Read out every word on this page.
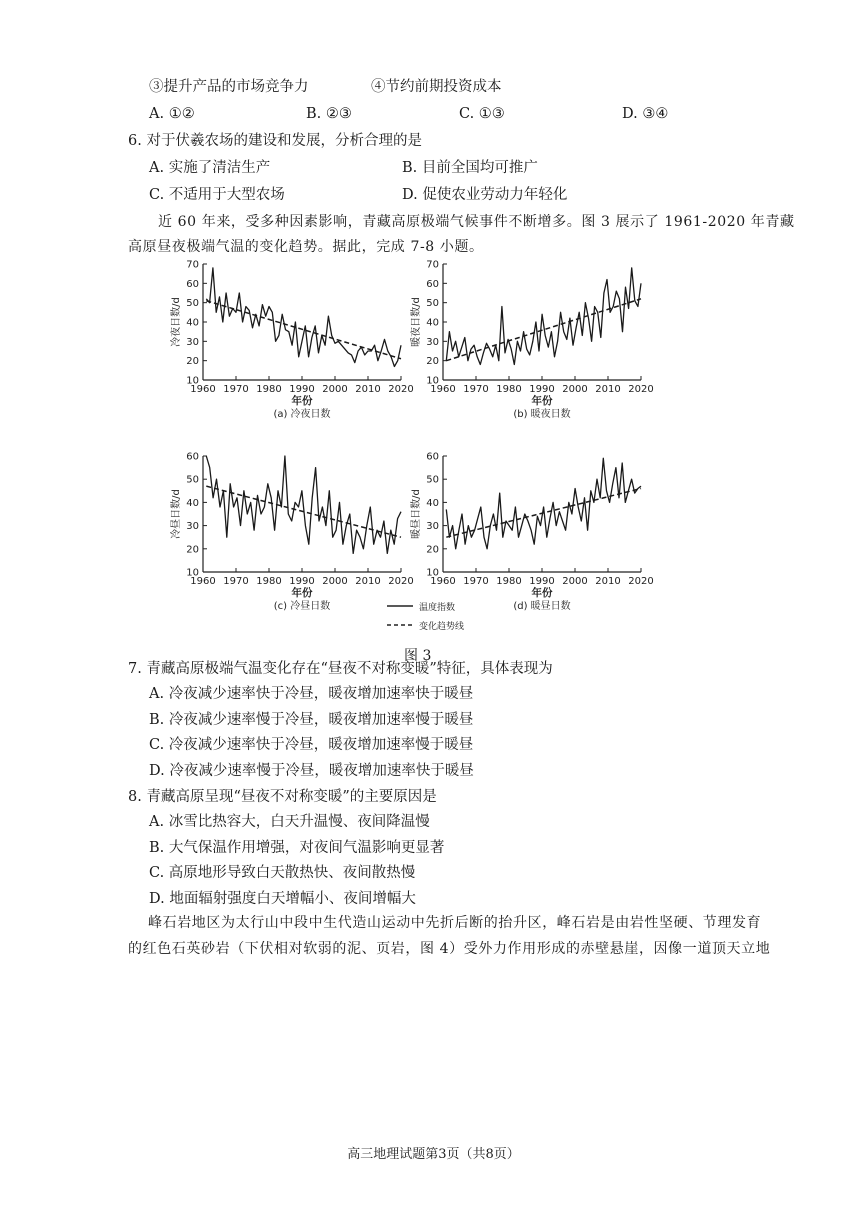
③提升产品的市场竞争力	④节约前期投资成本
A. ①②	B. ②③	C. ①③	D. ③④
6. 对于伏羲农场的建设和发展，分析合理的是
A. 实施了清洁生产	B. 目前全国均可推广
C. 不适用于大型农场	D. 促使农业劳动力年轻化
近 60 年来，受多种因素影响，青藏高原极端气候事件不断增多。图 3 展示了 1961-2020 年青藏
高原昼夜极端气温的变化趋势。据此，完成 7-8 小题。
10
20
30
40
50
60
70
1960 1970 1980 1990 2000 2010 2020
年份
冷夜日数/d
(a) 冷夜日数
10
20
30
40
50
60
70
1960 1970 1980 1990 2000 2010 2020
年份
暖夜日数/d
(b) 暖夜日数
10
20
30
40
50
60
1960 1970 1980 1990 2000 2010 2020
年份
冷昼日数/d
(c) 冷昼日数
10
20
30
40
50
60
1960 1970 1980 1990 2000 2010 2020
年份
暖昼日数/d
(d) 暖昼日数
温度指数
变化趋势线
图 3
7. 青藏高原极端气温变化存在“昼夜不对称变暖”特征，具体表现为
A. 冷夜减少速率快于冷昼，暖夜增加速率快于暖昼
B. 冷夜减少速率慢于冷昼，暖夜增加速率慢于暖昼
C. 冷夜减少速率快于冷昼，暖夜增加速率慢于暖昼
D. 冷夜减少速率慢于冷昼，暖夜增加速率快于暖昼
8. 青藏高原呈现“昼夜不对称变暖”的主要原因是
A. 冰雪比热容大，白天升温慢、夜间降温慢
B. 大气保温作用增强，对夜间气温影响更显著
C. 高原地形导致白天散热快、夜间散热慢
D. 地面辐射强度白天增幅小、夜间增幅大
峰石岩地区为太行山中段中生代造山运动中先折后断的抬升区，峰石岩是由岩性坚硬、节理发育
的红色石英砂岩（下伏相对软弱的泥、页岩，图 4）受外力作用形成的赤壁悬崖，因像一道顶天立地
高三地理试题第3页（共8页）
